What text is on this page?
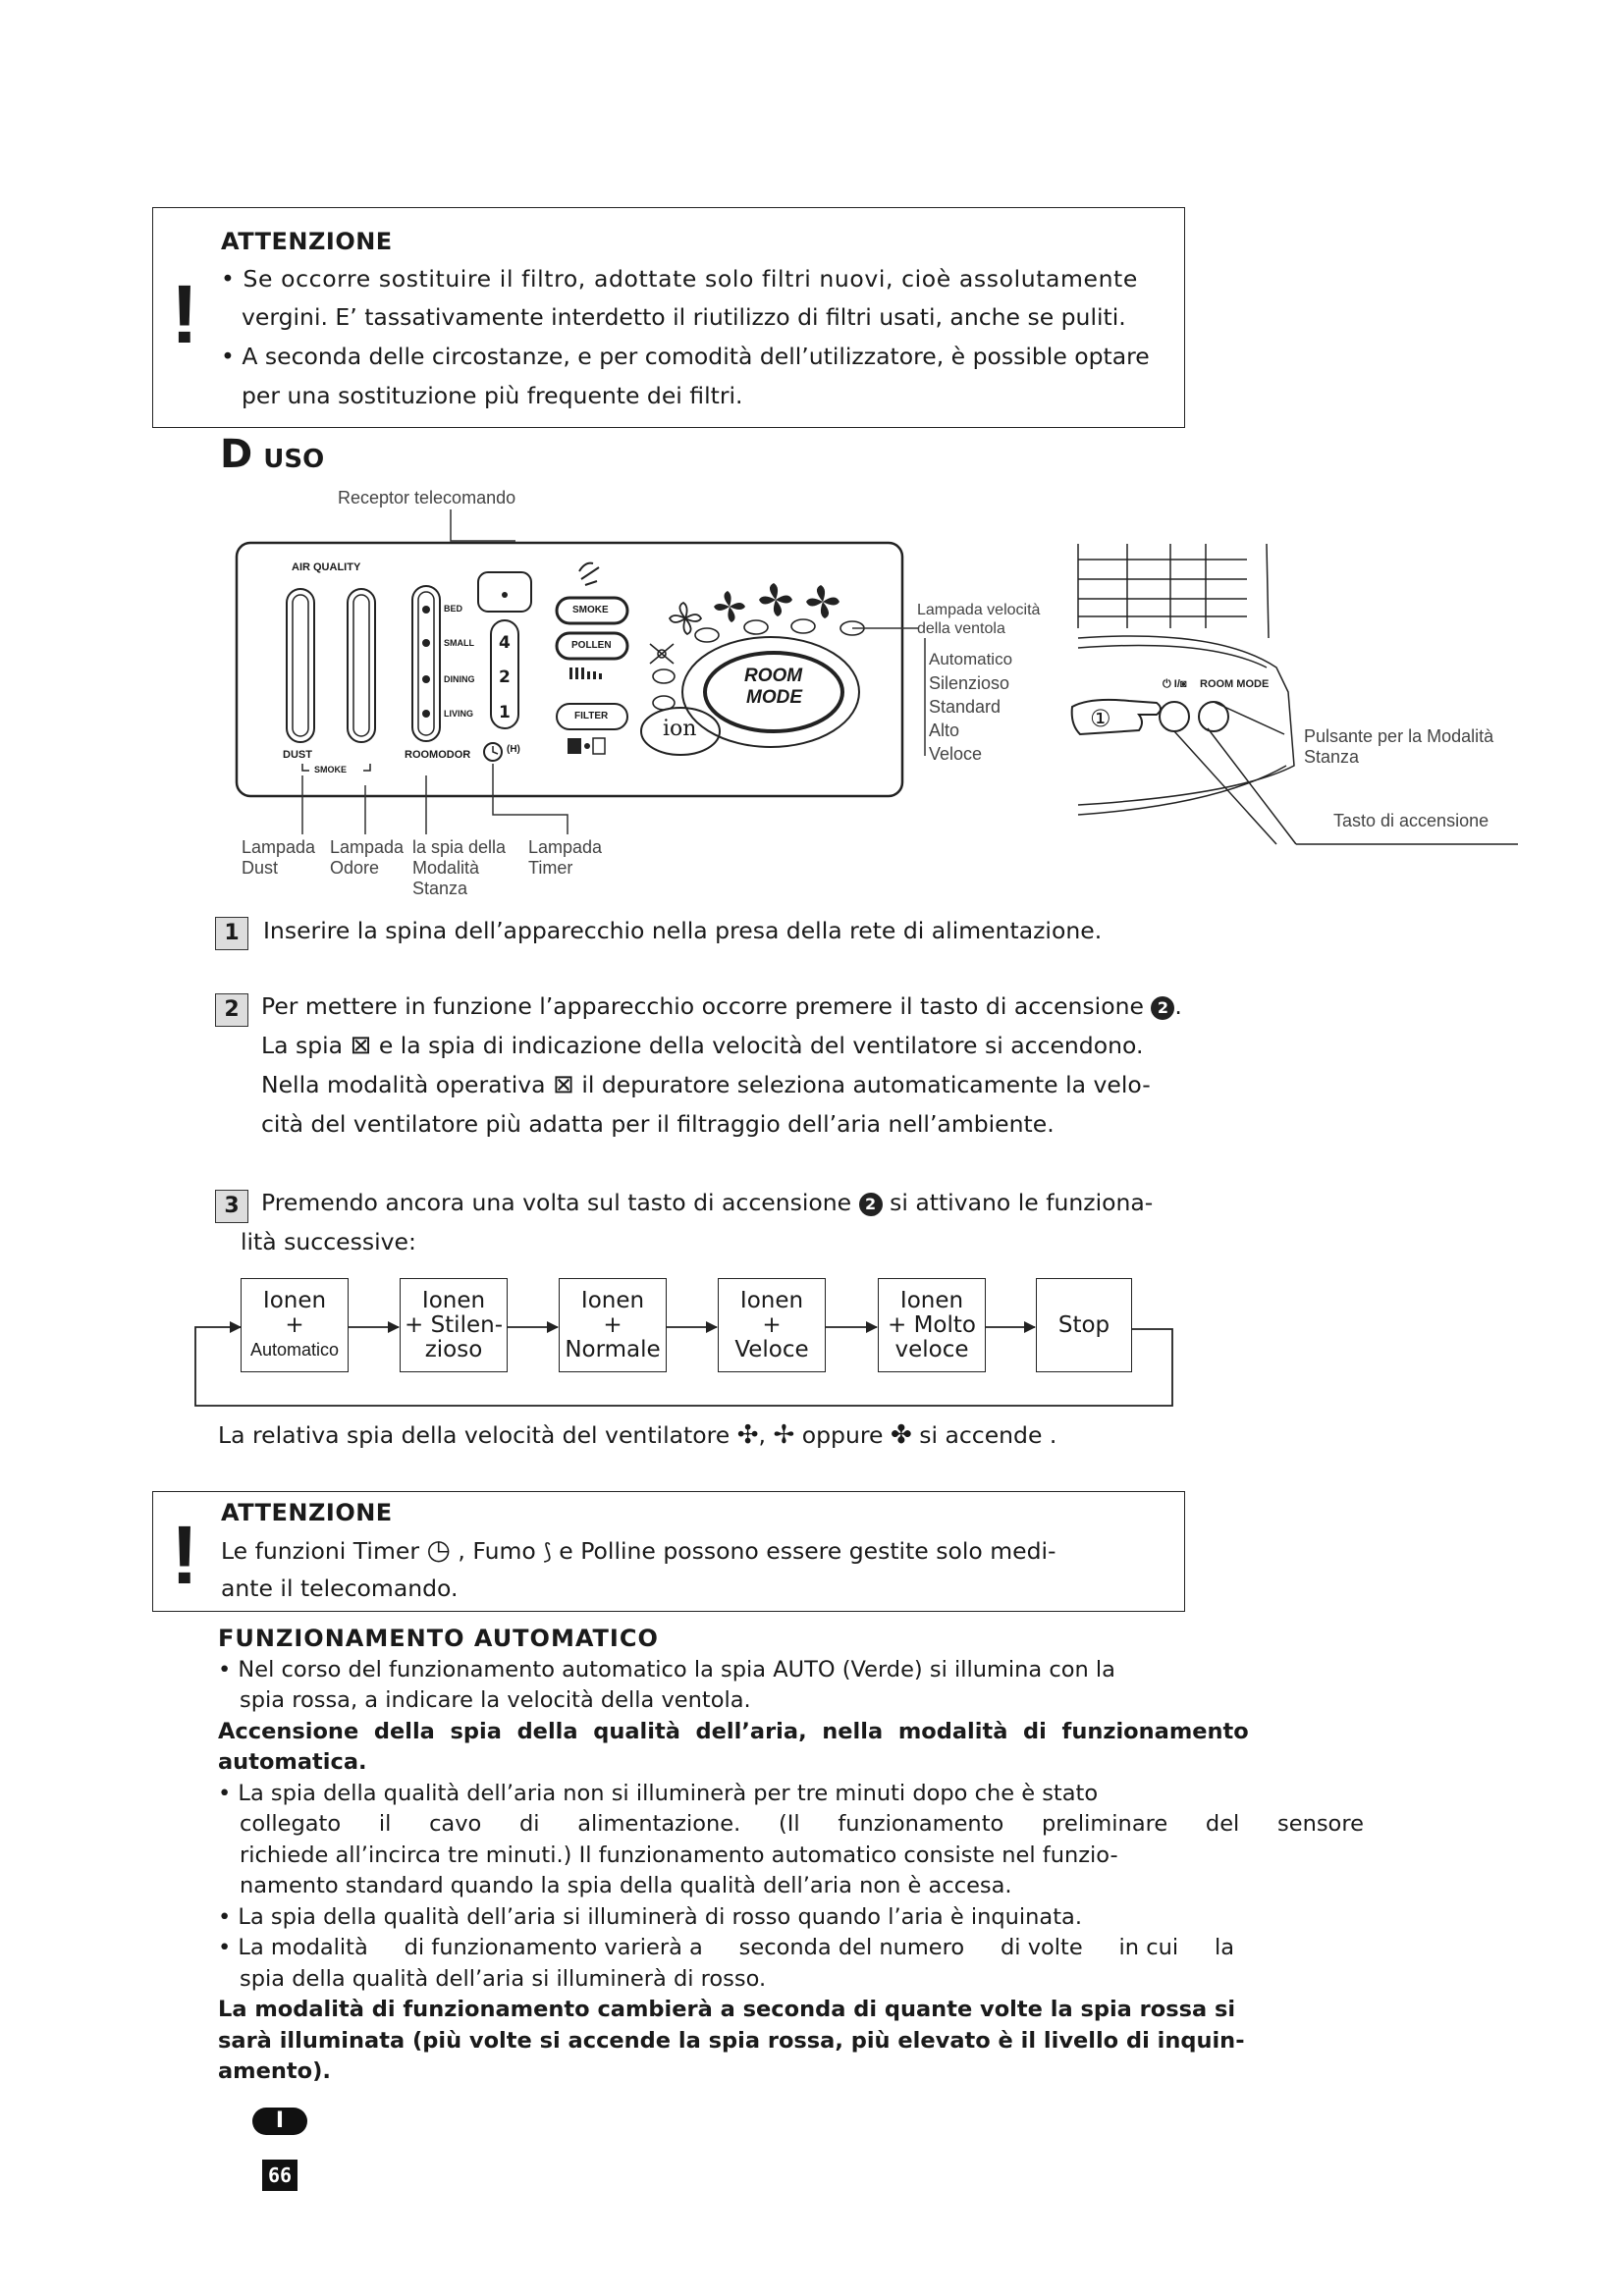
!
ATTENZIONE
• Se occorre sostituire il filtro, adottate solo filtri nuovi, cioè assolutamente
vergini. E’ tassativamente interdetto il riutilizzo di filtri usati, anche se puliti.
• A seconda delle circostanze, e per comodità dell’utilizzatore, è possible optare
per una sostituzione più frequente dei filtri.
D USO
Receptor telecomando
⏻ I/◙ ROOM MODE
AIR QUALITY
DUST
SMOKE
ROOMODOR	(H)
BED
SMALL
DINING
LIVING
4
2
1
SMOKE
POLLEN
FILTER
ROOM
MODE
ion
Lampada velocità
della ventola
Automatico
Silenzioso
Standard
Alto
Veloce
Lampada
Dust
Lampada
Odore
la spia della
Modalità
Stanza
Lampada
Timer
①
Pulsante per la Modalità
Stanza
Tasto di accensione
1	Inserire la spina dell’apparecchio nella presa della rete di alimentazione.
2 Per mettere in funzione l’apparecchio occorre premere il tasto di accensione 2 .
La spia ⊠ e la spia di indicazione della velocità del ventilatore si accendono.
Nella modalità operativa ⊠ il depuratore seleziona automaticamente la velo-
cità del ventilatore più adatta per il filtraggio dell’aria nell’ambiente.
3 Premendo ancora una volta sul tasto di accensione 2 si attivano le funziona-
lità successive:
Ionen
+
Automatico
Ionen
+ Stilen-
zioso
Ionen
+
Normale
Ionen
+
Veloce
Ionen
+ Molto
veloce
Stop
La relativa spia della velocità del ventilatore ✣, ✢ oppure ✤ si accende .
! ATTENZIONE
Le funzioni Timer ◷ , Fumo ⟆ e Polline possono essere gestite solo medi-
ante il telecomando.
FUNZIONAMENTO AUTOMATICO
• Nel corso del funzionamento automatico la spia AUTO (Verde) si illumina con la
spia rossa, a indicare la velocità della ventola.
Accensione  della  spia  della  qualità  dell’aria,  nella  modalità  di  funzionamento
automatica.
• La spia della qualità dell’aria non si illuminerà per tre minuti dopo che è stato
collegato il cavo di alimentazione. (Il funzionamento preliminare del sensore
richiede all’incirca tre minuti.) Il funzionamento automatico consiste nel funzio-
namento standard quando la spia della qualità dell’aria non è accesa.
• La spia della qualità dell’aria si illuminerà di rosso quando l’aria è inquinata.
• La modalità di funzionamento varierà a seconda del numero di volte in cui la
spia della qualità dell’aria si illuminerà di rosso.
La modalità di funzionamento cambierà a seconda di quante volte la spia rossa si
sarà illuminata (più volte si accende la spia rossa, più elevato è il livello di inquin-
amento).
I
66
